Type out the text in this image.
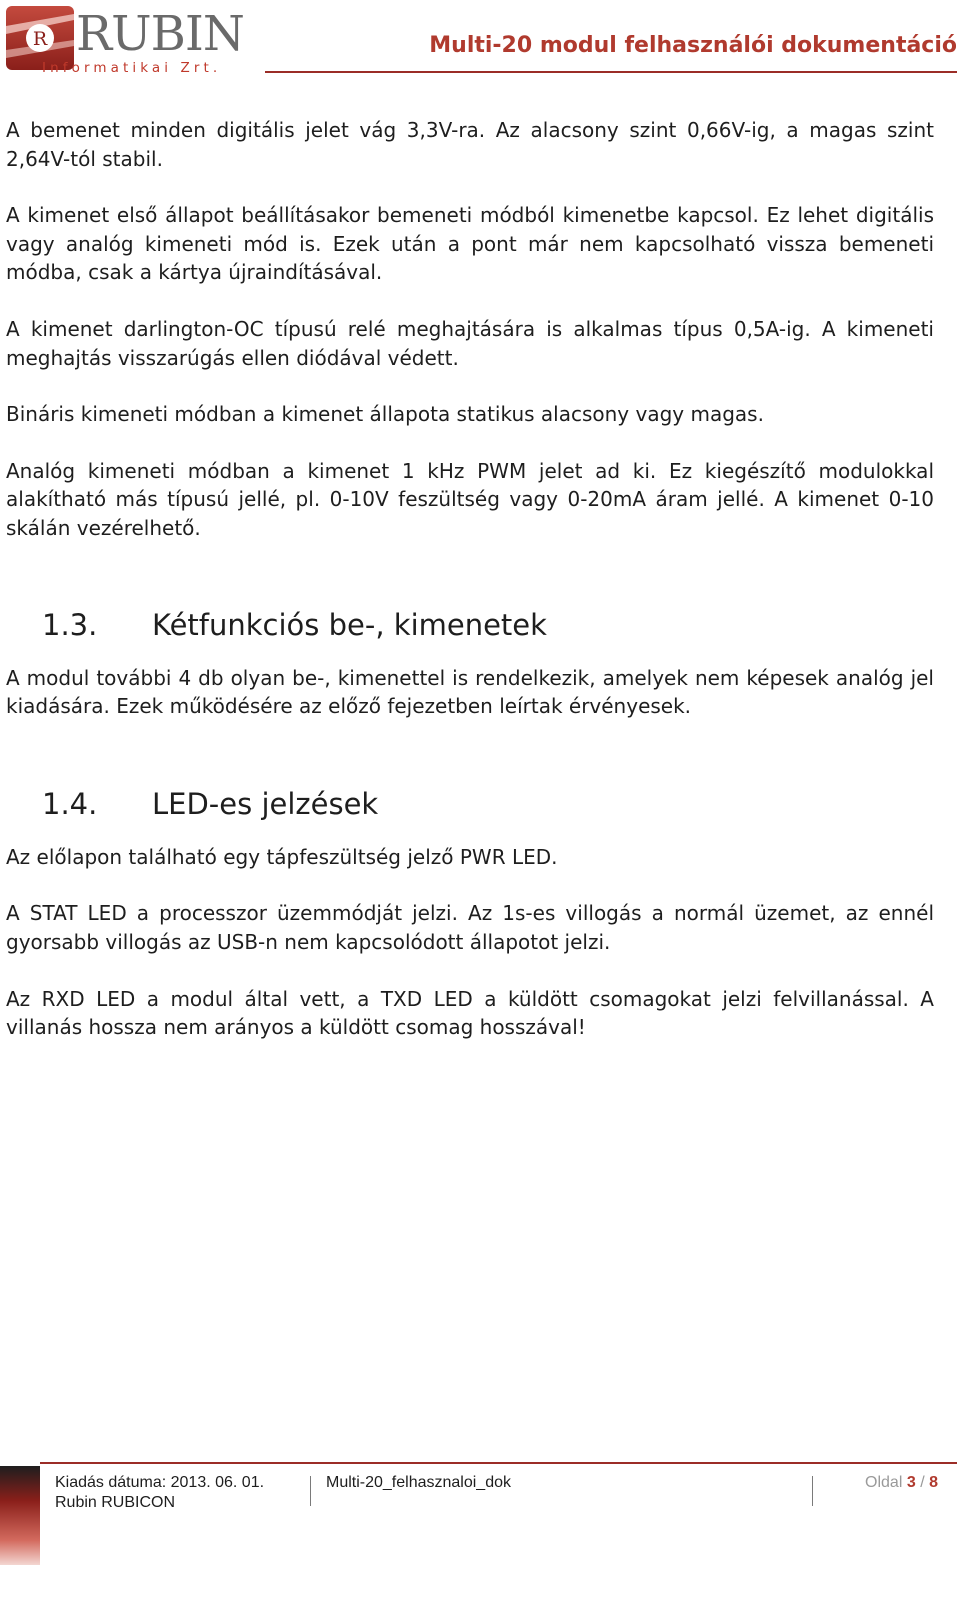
R RUBIN
Informatikai Zrt.
Multi-20 modul felhasználói dokumentáció

A bemenet minden digitális jelet vág 3,3V-ra. Az alacsony szint 0,66V-ig, a magas szint 2,64V-tól stabil.

A kimenet első állapot beállításakor bemeneti módból kimenetbe kapcsol. Ez lehet digitális vagy analóg kimeneti mód is. Ezek után a pont már nem kapcsolható vissza bemeneti módba, csak a kártya újraindításával.

A kimenet darlington-OC típusú relé meghajtására is alkalmas típus 0,5A-ig. A kimeneti meghajtás visszarúgás ellen diódával védett.

Bináris kimeneti módban a kimenet állapota statikus alacsony vagy magas.

Analóg kimeneti módban a kimenet 1 kHz PWM jelet ad ki. Ez kiegészítő modulokkal alakítható más típusú jellé, pl. 0-10V feszültség vagy 0-20mA áram jellé. A kimenet 0-10 skálán vezérelhető.

1.3.	Kétfunkciós be-, kimenetek

A modul további 4 db olyan be-, kimenettel is rendelkezik, amelyek nem képesek analóg jel kiadására. Ezek működésére az előző fejezetben leírtak érvényesek.

1.4.	LED-es jelzések

Az előlapon található egy tápfeszültség jelző PWR LED.

A STAT LED a processzor üzemmódját jelzi. Az 1s-es villogás a normál üzemet, az ennél gyorsabb villogás az USB-n nem kapcsolódott állapotot jelzi.

Az RXD LED a modul által vett, a TXD LED a küldött csomagokat jelzi felvillanással. A villanás hossza nem arányos a küldött csomag hosszával!

Kiadás dátuma: 2013. 06. 01.
Rubin RUBICON
Multi-20_felhasznaloi_dok	Oldal 3 / 8
